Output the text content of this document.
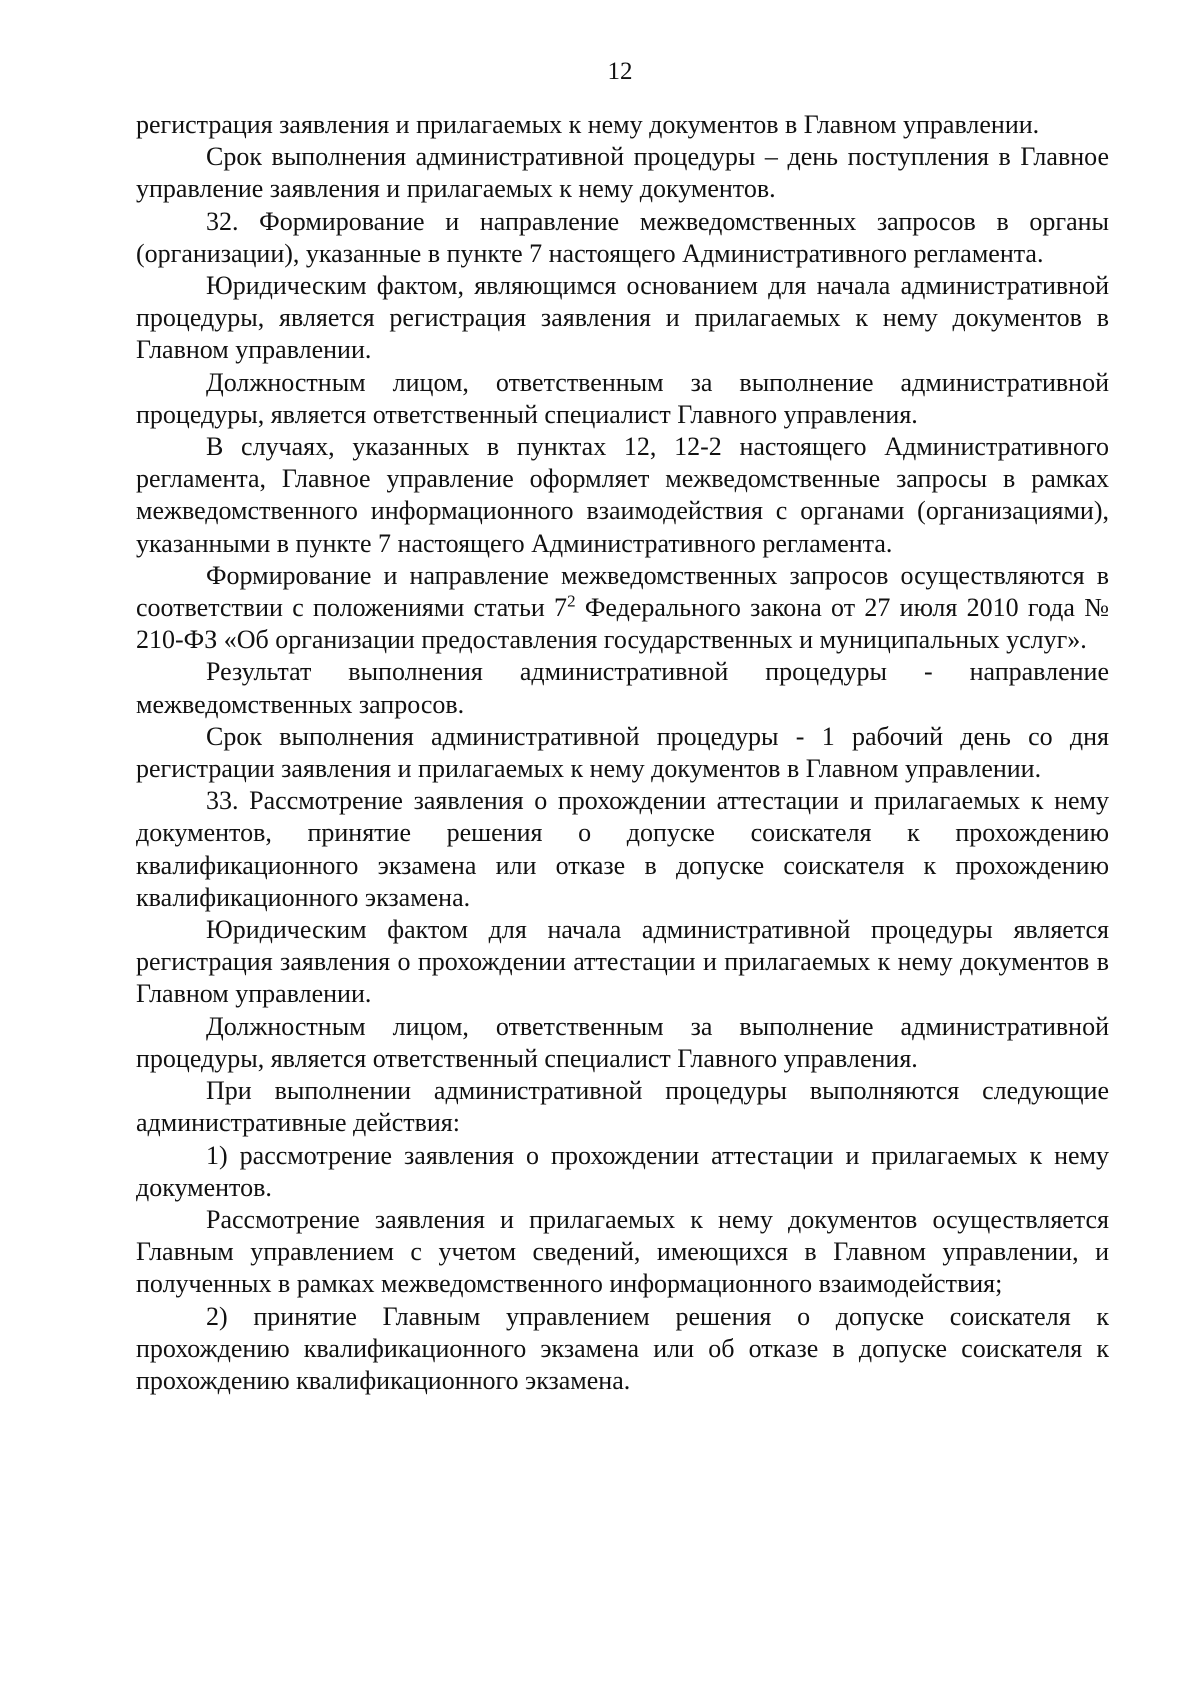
12

регистрация заявления и прилагаемых к нему документов в Главном управлении.

Срок выполнения административной процедуры – день поступления в Главное управление заявления и прилагаемых к нему документов.

32. Формирование и направление межведомственных запросов в органы (организации), указанные в пункте 7 настоящего Административного регламента.

Юридическим фактом, являющимся основанием для начала административной процедуры, является регистрация заявления и прилагаемых к нему документов в Главном управлении.

Должностным лицом, ответственным за выполнение административной процедуры, является ответственный специалист Главного управления.

В случаях, указанных в пунктах 12, 12-2 настоящего Административного регламента, Главное управление оформляет межведомственные запросы в рамках межведомственного информационного взаимодействия с органами (организациями), указанными в пункте 7 настоящего Административного регламента.

Формирование и направление межведомственных запросов осуществляются в соответствии с положениями статьи $7^2$ Федерального закона от 27 июля 2010 года № 210-ФЗ «Об организации предоставления государственных и муниципальных услуг».

Результат выполнения административной процедуры - направление межведомственных запросов.

Срок выполнения административной процедуры - 1 рабочий день со дня регистрации заявления и прилагаемых к нему документов в Главном управлении.

33. Рассмотрение заявления о прохождении аттестации и прилагаемых к нему документов, принятие решения о допуске соискателя к прохождению квалификационного экзамена или отказе в допуске соискателя к прохождению квалификационного экзамена.

Юридическим фактом для начала административной процедуры является регистрация заявления о прохождении аттестации и прилагаемых к нему документов в Главном управлении.

Должностным лицом, ответственным за выполнение административной процедуры, является ответственный специалист Главного управления.

При выполнении административной процедуры выполняются следующие административные действия:

1) рассмотрение заявления о прохождении аттестации и прилагаемых к нему документов.

Рассмотрение заявления и прилагаемых к нему документов осуществляется Главным управлением с учетом сведений, имеющихся в Главном управлении, и полученных в рамках межведомственного информационного взаимодействия;

2) принятие Главным управлением решения о допуске соискателя к прохождению квалификационного экзамена или об отказе в допуске соискателя к прохождению квалификационного экзамена.
